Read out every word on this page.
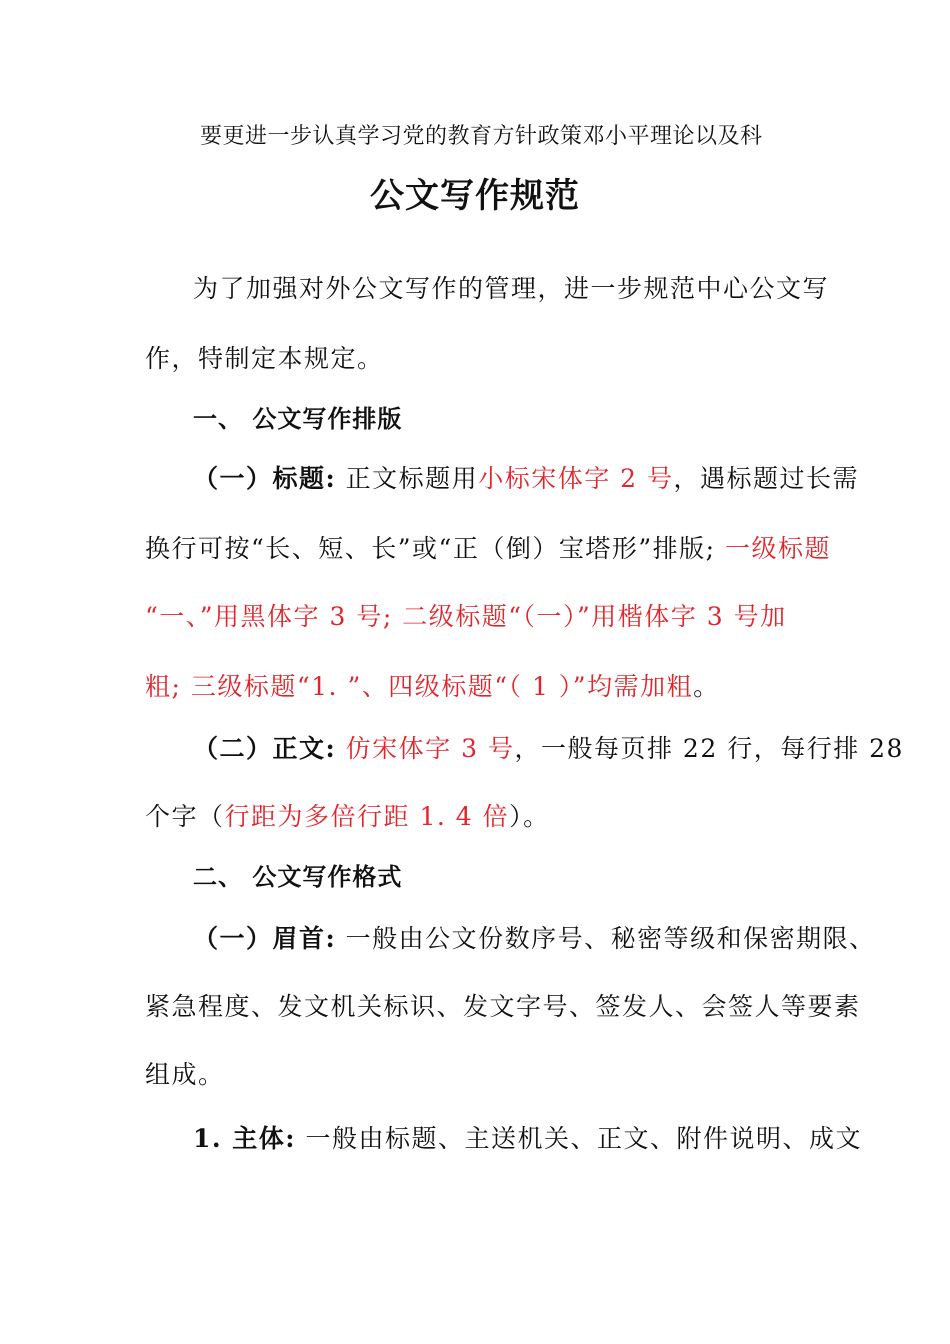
要更进一步认真学习党的教育方针政策邓小平理论以及科
公文写作规范
为了加强对外公文写作的管理，进一步规范中心公文写
作，特制定本规定。
一、 公文写作排版
（一）标题: 正文标题用小标宋体字 2 号，遇标题过长需
换行可按“长、短、长”或“正（倒）宝塔形”排版; 一级标题
“一、”用黑体字 3 号; 二级标题“（一）”用楷体字 3 号加
粗; 三级标题“1. ”、四级标题“（ 1 ）”均需加粗。
（二）正文: 仿宋体字 3 号，一般每页排 22 行，每行排 28
个字（行距为多倍行距 1. 4 倍）。
二、 公文写作格式
（一）眉首: 一般由公文份数序号、秘密等级和保密期限、
紧急程度、发文机关标识、发文字号、签发人、会签人等要素
组成。
1. 主体: 一般由标题、主送机关、正文、附件说明、成文
